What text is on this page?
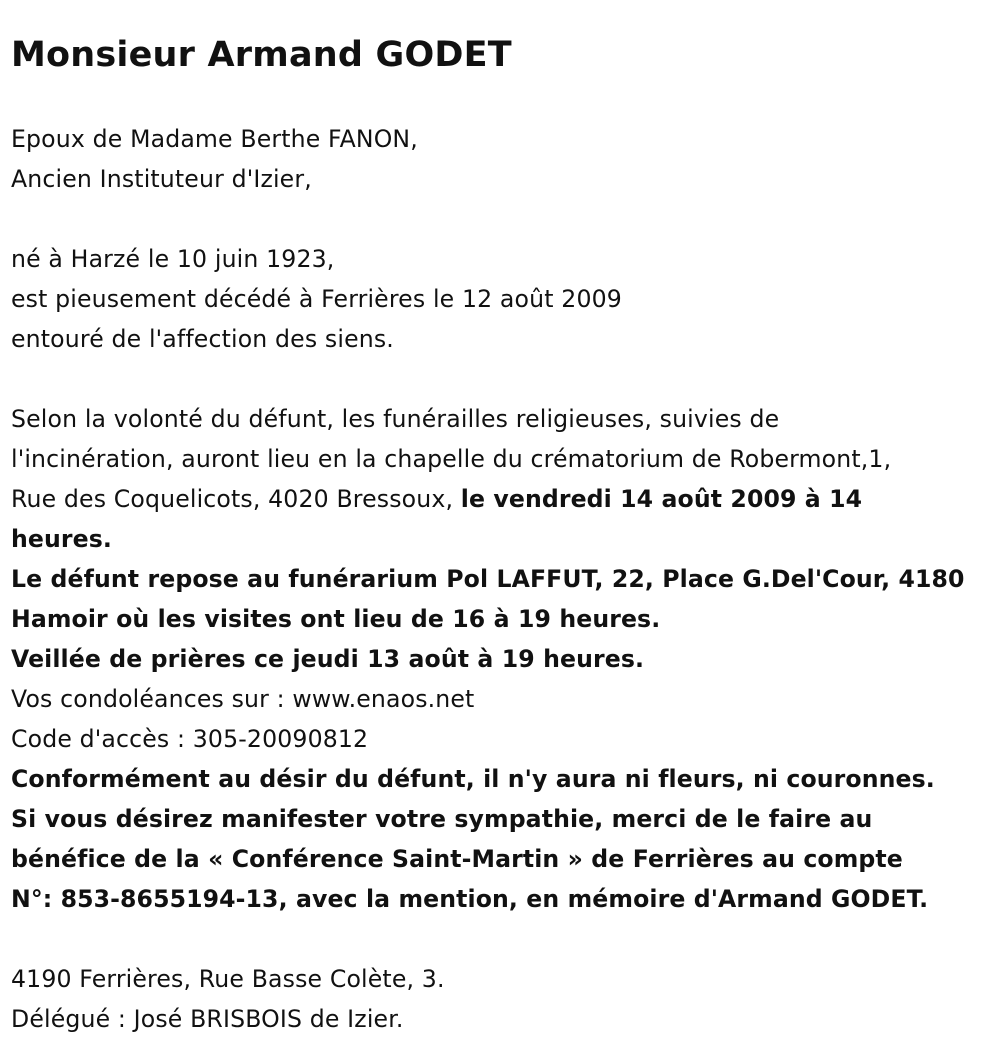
Monsieur Armand GODET
Epoux de Madame Berthe FANON,
Ancien Instituteur d'Izier,
né à Harzé le 10 juin 1923,
est pieusement décédé à Ferrières le 12 août 2009
entouré de l'affection des siens.
Selon la volonté du défunt, les funérailles religieuses, suivies de
l'incinération, auront lieu en la chapelle du crématorium de Robermont,1,
Rue des Coquelicots, 4020 Bressoux, le vendredi 14 août 2009 à 14
heures.
Le défunt repose au funérarium Pol LAFFUT, 22, Place G.Del'Cour, 4180
Hamoir où les visites ont lieu de 16 à 19 heures.
Veillée de prières ce jeudi 13 août à 19 heures.
Vos condoléances sur : www.enaos.net
Code d'accès : 305-20090812
Conformément au désir du défunt, il n'y aura ni fleurs, ni couronnes.
Si vous désirez manifester votre sympathie, merci de le faire au
bénéfice de la « Conférence Saint-Martin » de Ferrières au compte
N°: 853-8655194-13, avec la mention, en mémoire d'Armand GODET.
4190 Ferrières, Rue Basse Colète, 3.
Délégué : José BRISBOIS de Izier.
